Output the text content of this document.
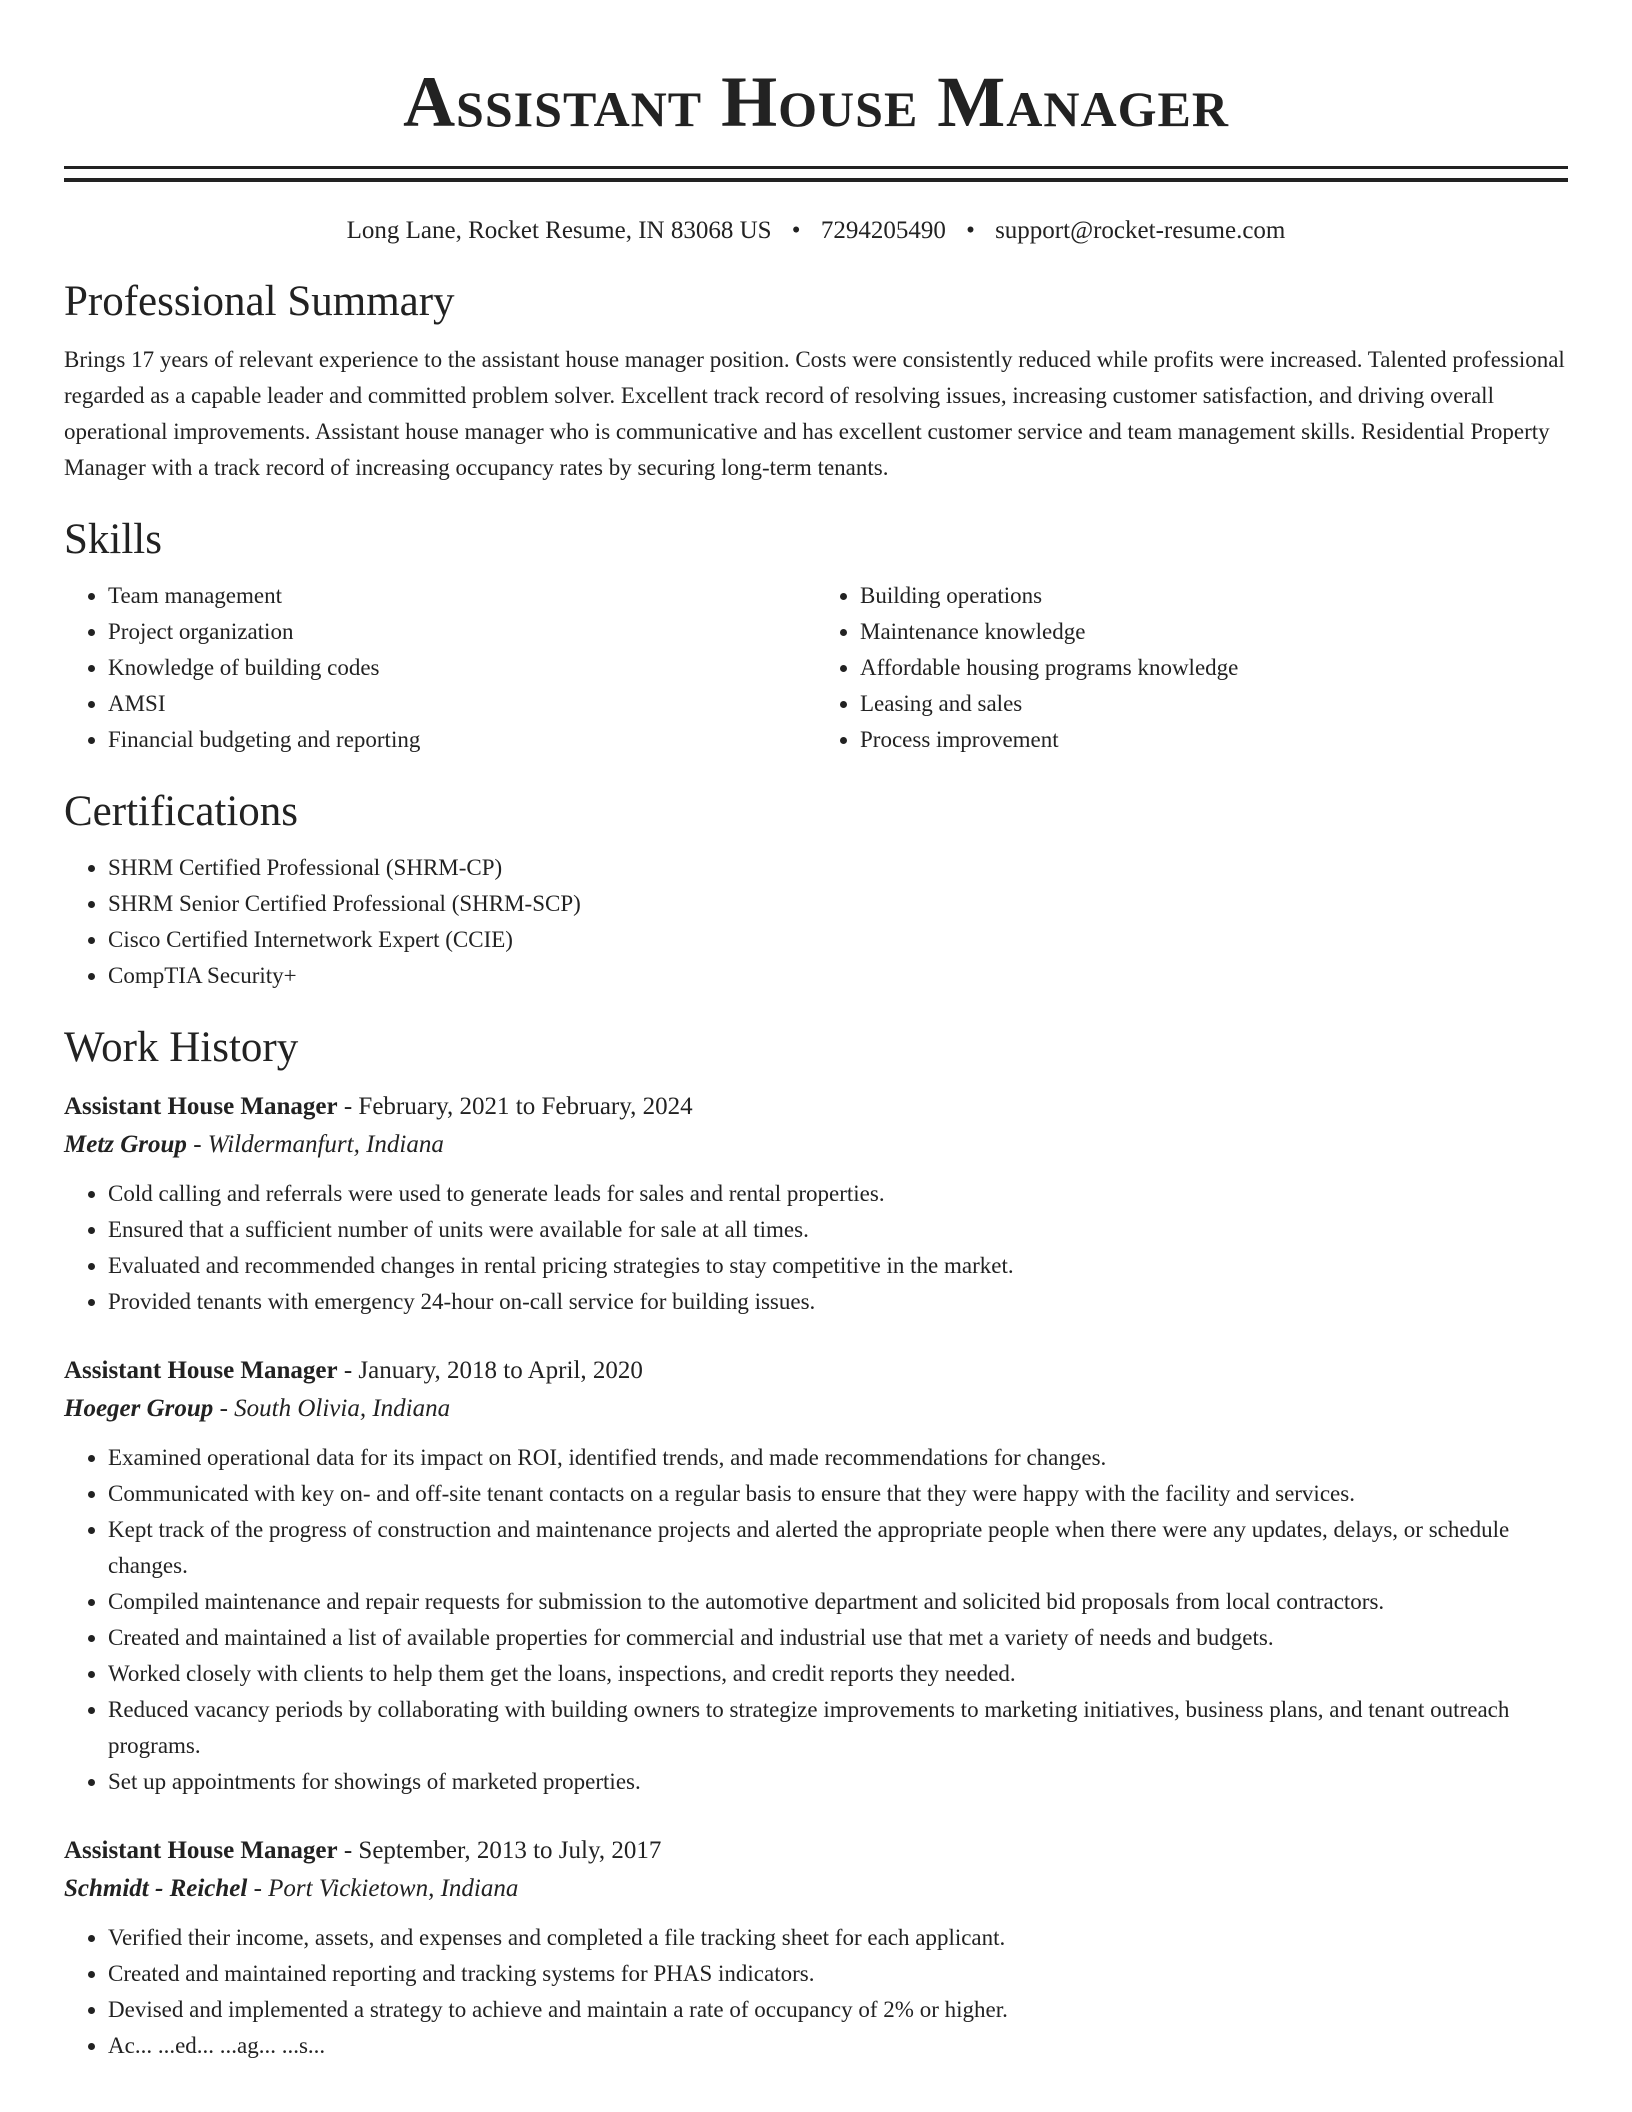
Assistant House Manager
Long Lane, Rocket Resume, IN 83068 US • 7294205490 • support@rocket-resume.com
Professional Summary

Brings 17 years of relevant experience to the assistant house manager position. Costs were consistently reduced while profits were increased. Talented professional regarded as a capable leader and committed problem solver. Excellent track record of resolving issues, increasing customer satisfaction, and driving overall operational improvements. Assistant house manager who is communicative and has excellent customer service and team management skills. Residential Property Manager with a track record of increasing occupancy rates by securing long-term tenants.

Skills
• Team management
• Project organization
• Knowledge of building codes
• AMSI
• Financial budgeting and reporting
• Building operations
• Maintenance knowledge
• Affordable housing programs knowledge
• Leasing and sales
• Process improvement
Certifications
• SHRM Certified Professional (SHRM-CP)
• SHRM Senior Certified Professional (SHRM-SCP)
• Cisco Certified Internetwork Expert (CCIE)
• CompTIA Security+
Work History
Assistant House Manager - February, 2021 to February, 2024
Metz Group - Wildermanfurt, Indiana
• Cold calling and referrals were used to generate leads for sales and rental properties.
• Ensured that a sufficient number of units were available for sale at all times.
• Evaluated and recommended changes in rental pricing strategies to stay competitive in the market.
• Provided tenants with emergency 24-hour on-call service for building issues.
Assistant House Manager - January, 2018 to April, 2020
Hoeger Group - South Olivia, Indiana
• Examined operational data for its impact on ROI, identified trends, and made recommendations for changes.
• Communicated with key on- and off-site tenant contacts on a regular basis to ensure that they were happy with the facility and services.
• Kept track of the progress of construction and maintenance projects and alerted the appropriate people when there were any updates, delays, or schedule changes.
• Compiled maintenance and repair requests for submission to the automotive department and solicited bid proposals from local contractors.
• Created and maintained a list of available properties for commercial and industrial use that met a variety of needs and budgets.
• Worked closely with clients to help them get the loans, inspections, and credit reports they needed.
• Reduced vacancy periods by collaborating with building owners to strategize improvements to marketing initiatives, business plans, and tenant outreach programs.
• Set up appointments for showings of marketed properties.
Assistant House Manager - September, 2013 to July, 2017
Schmidt - Reichel - Port Vickietown, Indiana
• Verified their income, assets, and expenses and completed a file tracking sheet for each applicant.
• Created and maintained reporting and tracking systems for PHAS indicators.
• Devised and implemented a strategy to achieve and maintain a rate of occupancy of 2% or higher.
• Ac... ...ed... ...ag... ...s...
